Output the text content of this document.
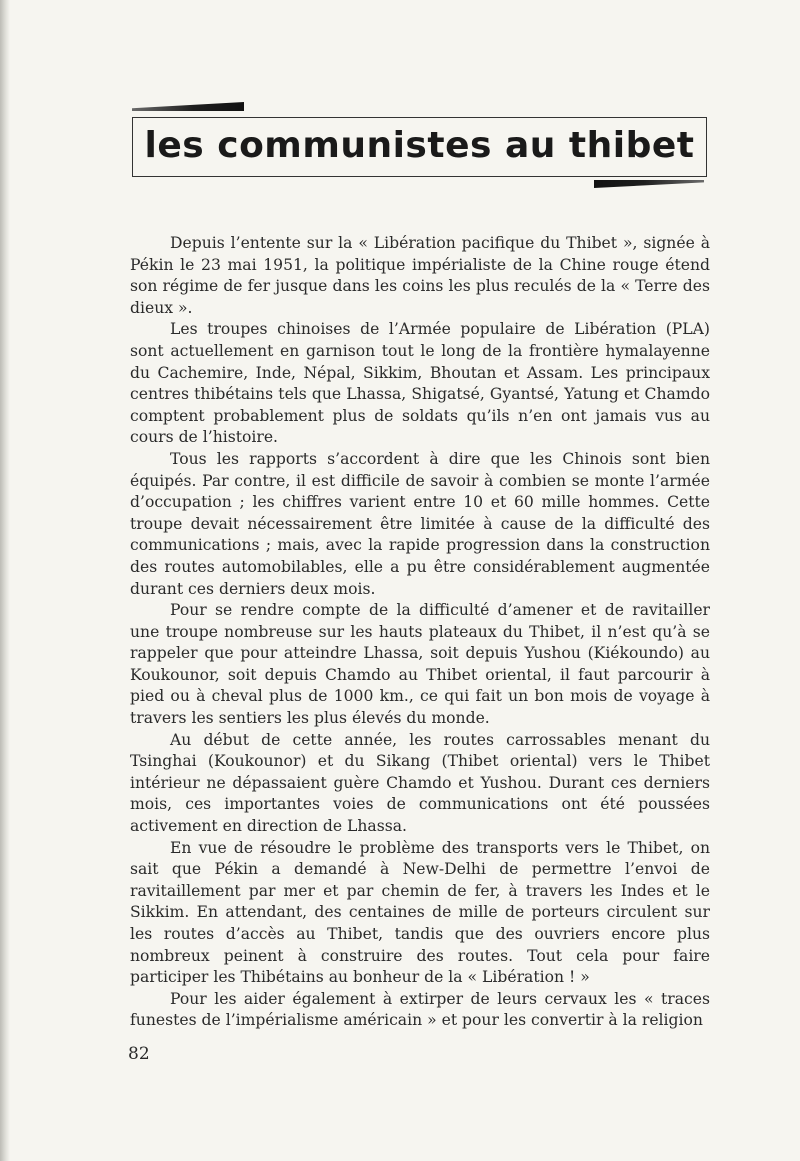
les communistes au thibet

Depuis l’entente sur la « Libération pacifique du Thibet », signée à Pékin le 23 mai 1951, la politique impérialiste de la Chine rouge étend son régime de fer jusque dans les coins les plus reculés de la « Terre des dieux ».

Les troupes chinoises de l’Armée populaire de Libération (PLA) sont actuellement en garnison tout le long de la frontière hymalayenne du Cachemire, Inde, Népal, Sikkim, Bhoutan et Assam. Les principaux centres thibétains tels que Lhassa, Shigatsé, Gyantsé, Yatung et Chamdo comptent probablement plus de soldats qu’ils n’en ont jamais vus au cours de l’histoire.

Tous les rapports s’accordent à dire que les Chinois sont bien équipés. Par contre, il est difficile de savoir à combien se monte l’armée d’occupation ; les chiffres varient entre 10 et 60 mille hommes. Cette troupe devait nécessairement être limitée à cause de la difficulté des communications ; mais, avec la rapide progression dans la construction des routes automobilables, elle a pu être considérablement augmentée durant ces derniers deux mois.

Pour se rendre compte de la difficulté d’amener et de ravitailler une troupe nombreuse sur les hauts plateaux du Thibet, il n’est qu’à se rappeler que pour atteindre Lhassa, soit depuis Yushou (Kiékoundo) au Koukounor, soit depuis Chamdo au Thibet oriental, il faut parcourir à pied ou à cheval plus de 1000 km., ce qui fait un bon mois de voyage à travers les sentiers les plus élevés du monde.

Au début de cette année, les routes carrossables menant du Tsinghai (Koukounor) et du Sikang (Thibet oriental) vers le Thibet intérieur ne dépassaient guère Chamdo et Yushou. Durant ces derniers mois, ces importantes voies de communications ont été poussées activement en direction de Lhassa.

En vue de résoudre le problème des transports vers le Thibet, on sait que Pékin a demandé à New-Delhi de permettre l’envoi de ravitaillement par mer et par chemin de fer, à travers les Indes et le Sikkim. En attendant, des centaines de mille de porteurs circulent sur les routes d’accès au Thibet, tandis que des ouvriers encore plus nombreux peinent à construire des routes. Tout cela pour faire participer les Thibétains au bonheur de la « Libération ! »

Pour les aider également à extirper de leurs cervaux les « traces funestes de l’impérialisme américain » et pour les convertir à la religion

82
